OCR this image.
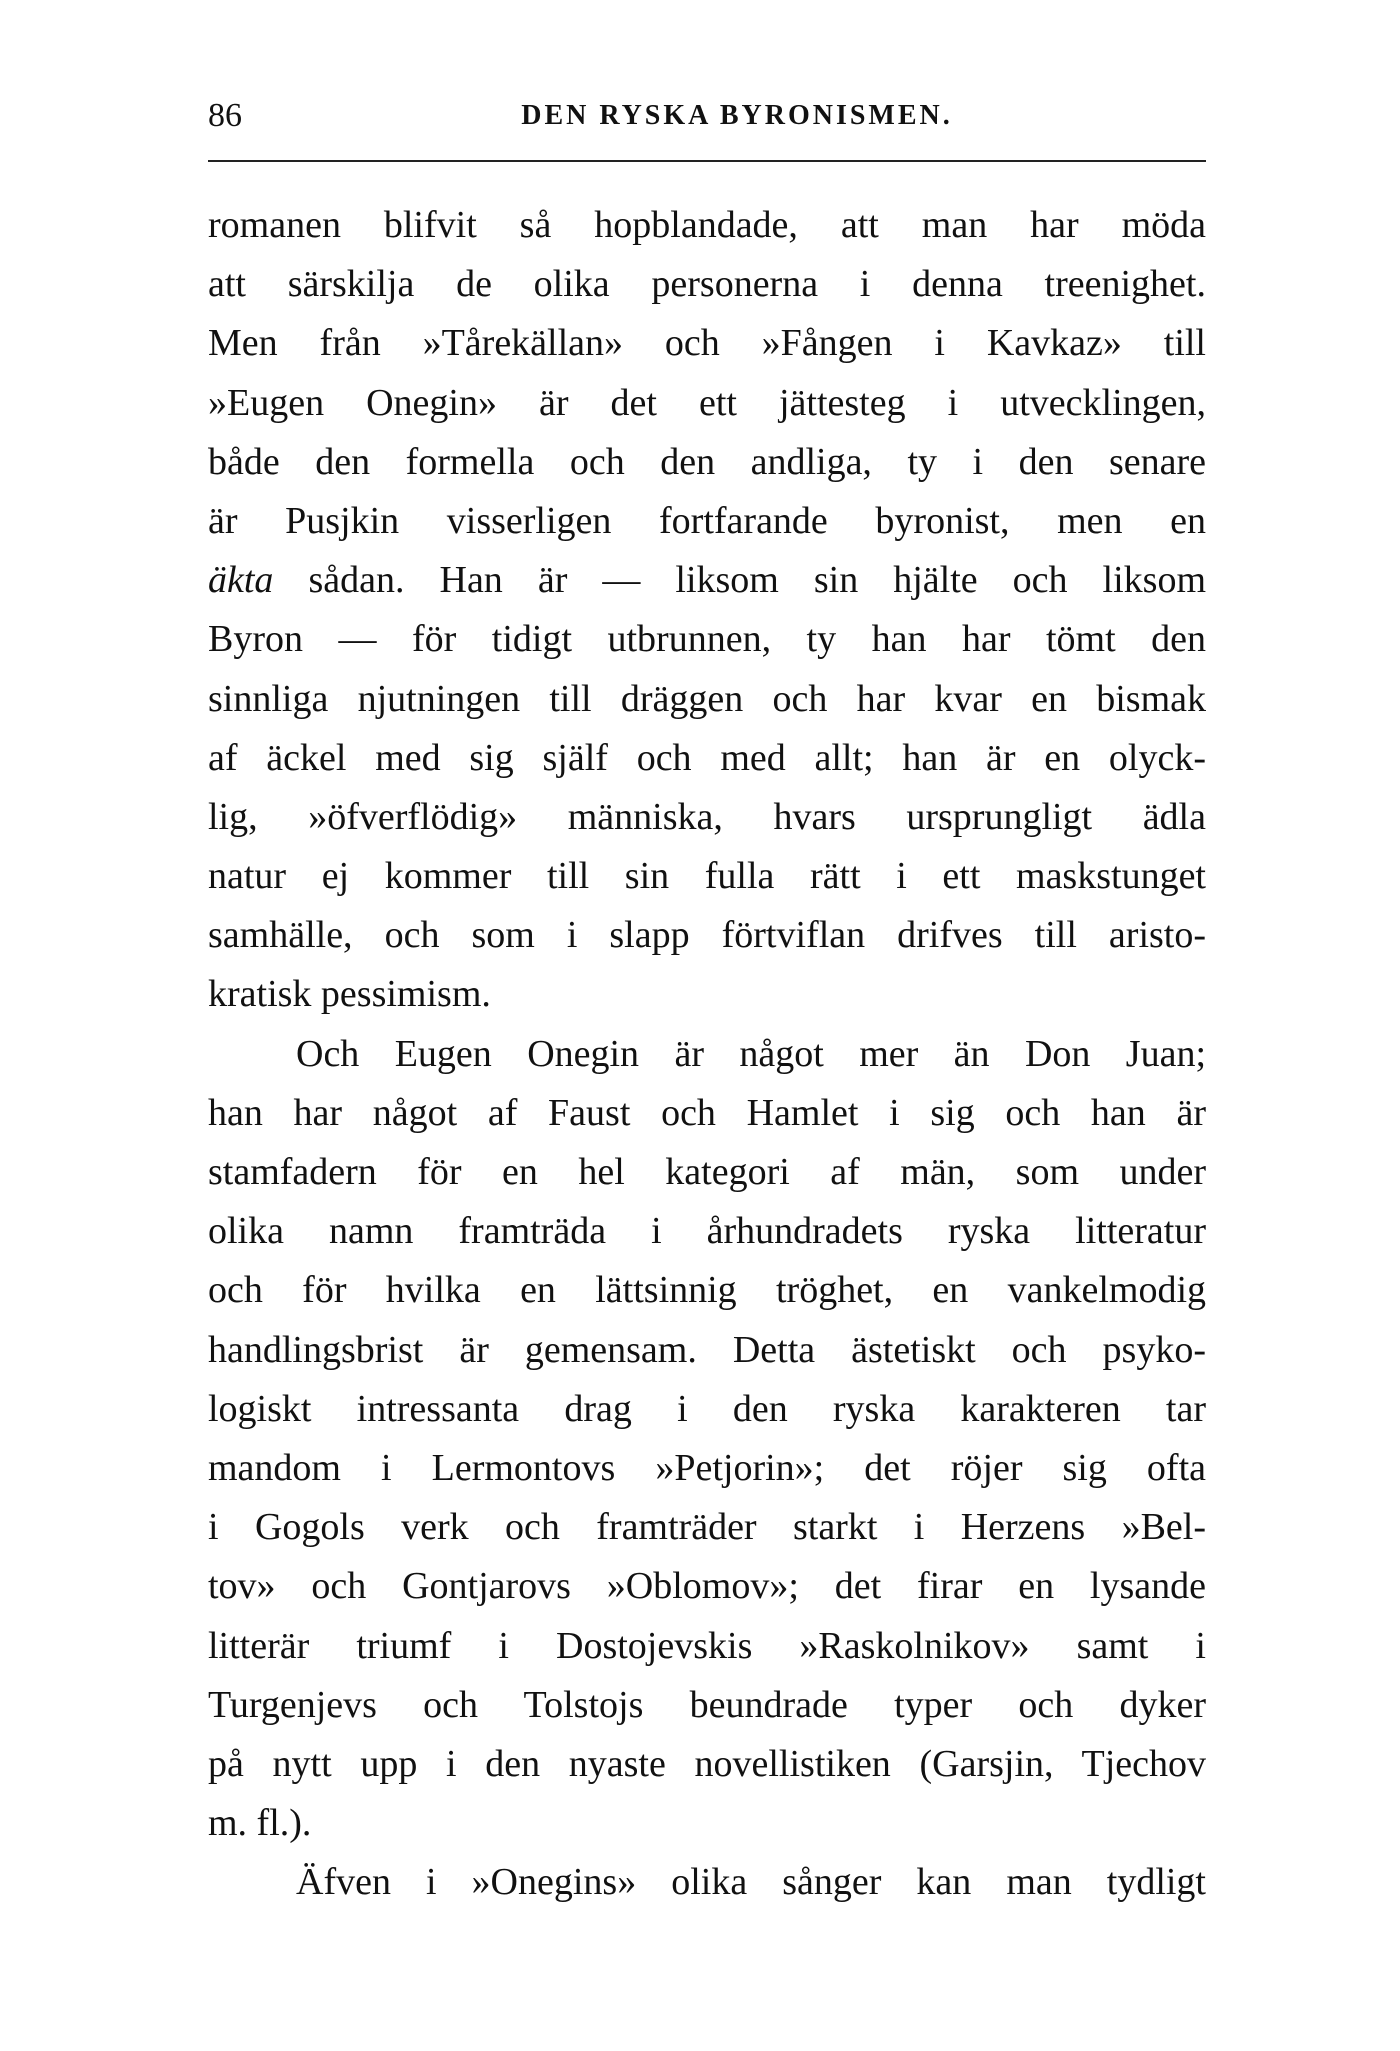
86	DEN RYSKA BYRONISMEN.
romanen blifvit så hopblandade, att man har möda
att särskilja de olika personerna i denna treenighet.
Men från »Tårekällan» och »Fången i Kavkaz» till
»Eugen Onegin» är det ett jättesteg i utvecklingen,
både den formella och den andliga, ty i den senare
är Pusjkin visserligen fortfarande byronist, men en
äkta sådan. Han är — liksom sin hjälte och liksom
Byron — för tidigt utbrunnen, ty han har tömt den
sinnliga njutningen till dräggen och har kvar en bismak
af äckel med sig själf och med allt; han är en olyck-
lig, »öfverflödig» människa, hvars ursprungligt ädla
natur ej kommer till sin fulla rätt i ett maskstunget
samhälle, och som i slapp förtviflan drifves till aristo-
kratisk pessimism.
Och Eugen Onegin är något mer än Don Juan;
han har något af Faust och Hamlet i sig och han är
stamfadern för en hel kategori af män, som under
olika namn framträda i århundradets ryska litteratur
och för hvilka en lättsinnig tröghet, en vankelmodig
handlingsbrist är gemensam. Detta ästetiskt och psyko-
logiskt intressanta drag i den ryska karakteren tar
mandom i Lermontovs »Petjorin»; det röjer sig ofta
i Gogols verk och framträder starkt i Herzens »Bel-
tov» och Gontjarovs »Oblomov»; det firar en lysande
litterär triumf i Dostojevskis »Raskolnikov» samt i
Turgenjevs och Tolstojs beundrade typer och dyker
på nytt upp i den nyaste novellistiken (Garsjin, Tjechov
m. fl.).
Äfven i »Onegins» olika sånger kan man tydligt
